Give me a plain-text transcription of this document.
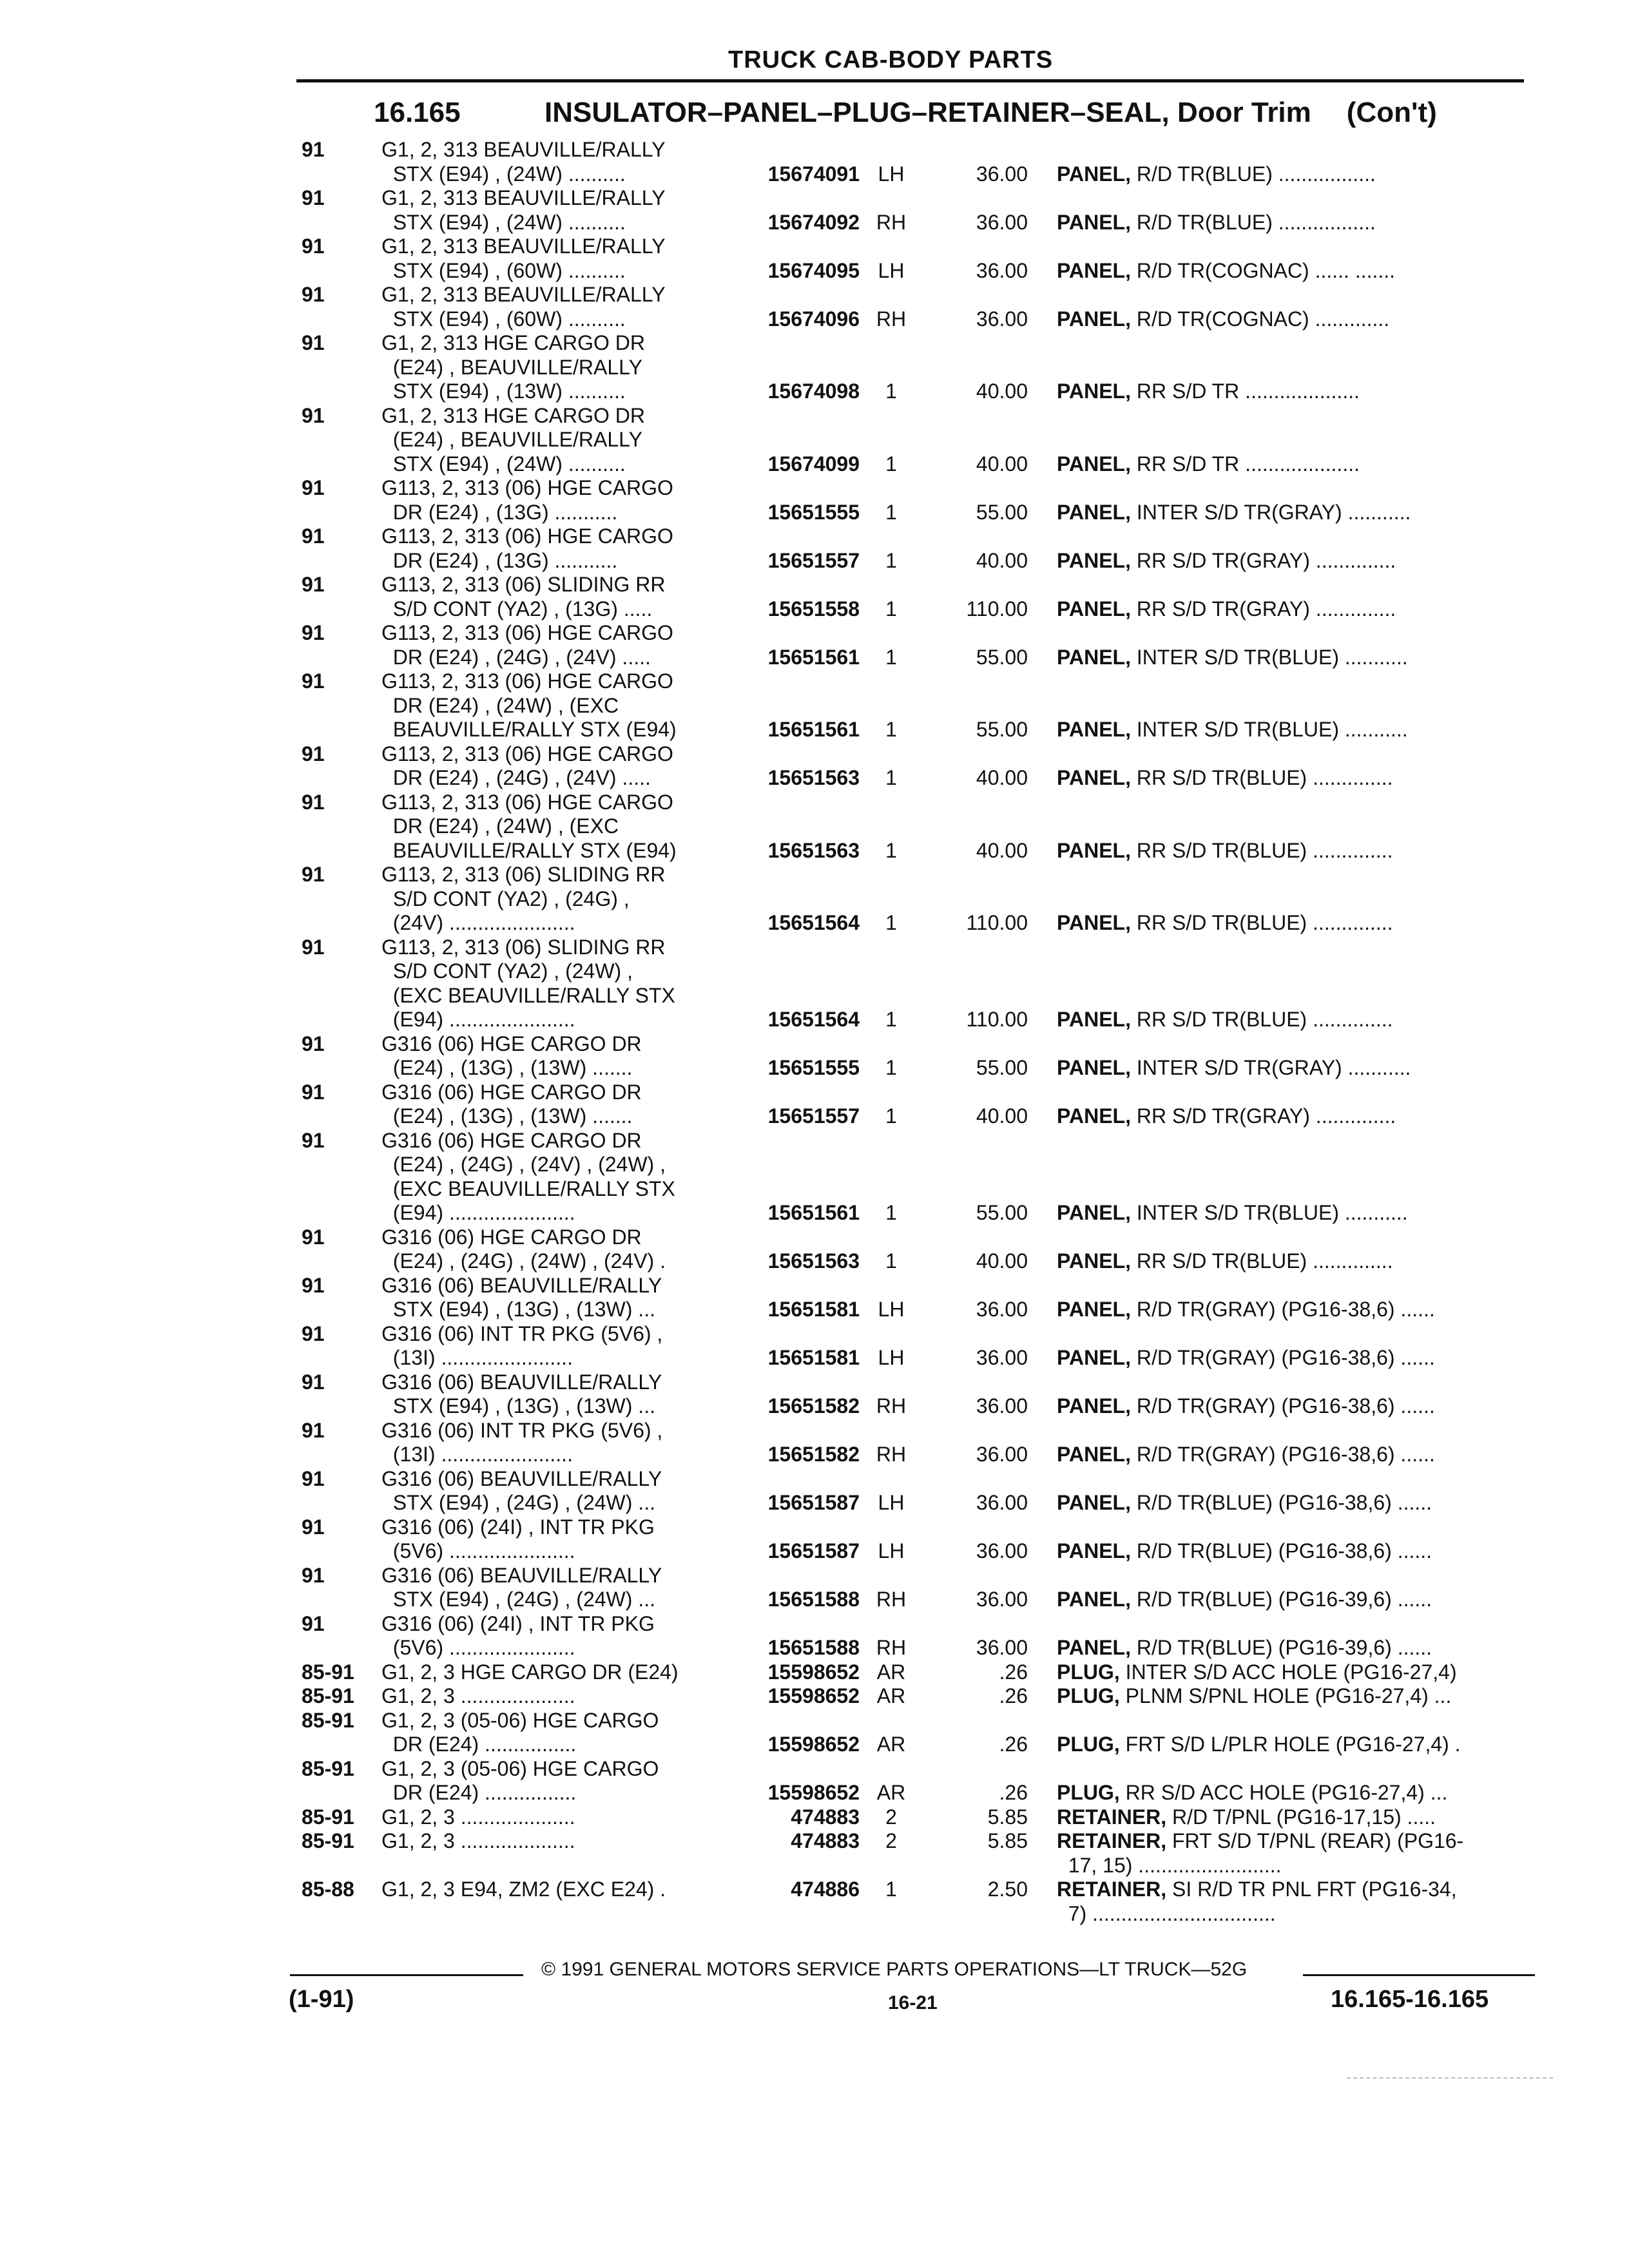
TRUCK CAB-BODY PARTS
16.165	INSULATOR–PANEL–PLUG–RETAINER–SEAL, Door Trim (Con't)
91	G1, 2, 313 BEAUVILLE/RALLY
STX (E94) , (24W) ..........	15674091 LH	36.00 PANEL, R/D TR(BLUE) .................
91	G1, 2, 313 BEAUVILLE/RALLY
STX (E94) , (24W) ..........	15674092 RH	36.00 PANEL, R/D TR(BLUE) .................
91	G1, 2, 313 BEAUVILLE/RALLY
STX (E94) , (60W) ..........	15674095 LH	36.00 PANEL, R/D TR(COGNAC) ...... .......
91	G1, 2, 313 BEAUVILLE/RALLY
STX (E94) , (60W) ..........	15674096 RH	36.00 PANEL, R/D TR(COGNAC) .............
91	G1, 2, 313 HGE CARGO DR
(E24) , BEAUVILLE/RALLY
STX (E94) , (13W) ..........	15674098	1	40.00 PANEL, RR S/D TR ....................
91	G1, 2, 313 HGE CARGO DR
(E24) , BEAUVILLE/RALLY
STX (E94) , (24W) ..........	15674099	1	40.00 PANEL, RR S/D TR ....................
91	G113, 2, 313 (06) HGE CARGO
DR (E24) , (13G) ...........	15651555	1	55.00 PANEL, INTER S/D TR(GRAY) ...........
91	G113, 2, 313 (06) HGE CARGO
DR (E24) , (13G) ...........	15651557	1	40.00 PANEL, RR S/D TR(GRAY) ..............
91	G113, 2, 313 (06) SLIDING RR
S/D CONT (YA2) , (13G) .....	15651558	1	110.00 PANEL, RR S/D TR(GRAY) ..............
91	G113, 2, 313 (06) HGE CARGO
DR (E24) , (24G) , (24V) .....	15651561	1	55.00 PANEL, INTER S/D TR(BLUE) ...........
91	G113, 2, 313 (06) HGE CARGO
DR (E24) , (24W) , (EXC
BEAUVILLE/RALLY STX (E94)	15651561	1	55.00 PANEL, INTER S/D TR(BLUE) ...........
91	G113, 2, 313 (06) HGE CARGO
DR (E24) , (24G) , (24V) .....	15651563	1	40.00 PANEL, RR S/D TR(BLUE) ..............
91	G113, 2, 313 (06) HGE CARGO
DR (E24) , (24W) , (EXC
BEAUVILLE/RALLY STX (E94)	15651563	1	40.00 PANEL, RR S/D TR(BLUE) ..............
91	G113, 2, 313 (06) SLIDING RR
S/D CONT (YA2) , (24G) ,
(24V) ......................	15651564	1	110.00 PANEL, RR S/D TR(BLUE) ..............
91	G113, 2, 313 (06) SLIDING RR
S/D CONT (YA2) , (24W) ,
(EXC BEAUVILLE/RALLY STX
(E94) ......................	15651564	1	110.00 PANEL, RR S/D TR(BLUE) ..............
91	G316 (06) HGE CARGO DR
(E24) , (13G) , (13W) .......	15651555	1	55.00 PANEL, INTER S/D TR(GRAY) ...........
91	G316 (06) HGE CARGO DR
(E24) , (13G) , (13W) .......	15651557	1	40.00 PANEL, RR S/D TR(GRAY) ..............
91	G316 (06) HGE CARGO DR
(E24) , (24G) , (24V) , (24W) ,
(EXC BEAUVILLE/RALLY STX
(E94) ......................	15651561	1	55.00 PANEL, INTER S/D TR(BLUE) ...........
91	G316 (06) HGE CARGO DR
(E24) , (24G) , (24W) , (24V) .	15651563	1	40.00 PANEL, RR S/D TR(BLUE) ..............
91	G316 (06) BEAUVILLE/RALLY
STX (E94) , (13G) , (13W) ...	15651581 LH	36.00 PANEL, R/D TR(GRAY) (PG16-38,6) ......
91	G316 (06) INT TR PKG (5V6) ,
(13I) .......................	15651581 LH	36.00 PANEL, R/D TR(GRAY) (PG16-38,6) ......
91	G316 (06) BEAUVILLE/RALLY
STX (E94) , (13G) , (13W) ...	15651582 RH	36.00 PANEL, R/D TR(GRAY) (PG16-38,6) ......
91	G316 (06) INT TR PKG (5V6) ,
(13I) .......................	15651582 RH	36.00 PANEL, R/D TR(GRAY) (PG16-38,6) ......
91	G316 (06) BEAUVILLE/RALLY
STX (E94) , (24G) , (24W) ...	15651587 LH	36.00 PANEL, R/D TR(BLUE) (PG16-38,6) ......
91	G316 (06) (24I) , INT TR PKG
(5V6) ......................	15651587 LH	36.00 PANEL, R/D TR(BLUE) (PG16-38,6) ......
91	G316 (06) BEAUVILLE/RALLY
STX (E94) , (24G) , (24W) ...	15651588 RH	36.00 PANEL, R/D TR(BLUE) (PG16-39,6) ......
91	G316 (06) (24I) , INT TR PKG
(5V6) ......................	15651588 RH	36.00 PANEL, R/D TR(BLUE) (PG16-39,6) ......
85-91	G1, 2, 3 HGE CARGO DR (E24)	15598652 AR	.26 PLUG, INTER S/D ACC HOLE (PG16-27,4)
85-91	G1, 2, 3 ....................	15598652 AR	.26 PLUG, PLNM S/PNL HOLE (PG16-27,4) ...
85-91	G1, 2, 3 (05-06) HGE CARGO
DR (E24) ................	15598652 AR	.26 PLUG, FRT S/D L/PLR HOLE (PG16-27,4) .
85-91	G1, 2, 3 (05-06) HGE CARGO
DR (E24) ................	15598652 AR	.26 PLUG, RR S/D ACC HOLE (PG16-27,4) ...
85-91	G1, 2, 3 ....................	474883	2	5.85 RETAINER, R/D T/PNL (PG16-17,15) .....
85-91	G1, 2, 3 ....................	474883	2	5.85 RETAINER, FRT S/D T/PNL (REAR) (PG16-
17, 15) .........................
85-88	G1, 2, 3 E94, ZM2 (EXC E24) .	474886	1	2.50 RETAINER, SI R/D TR PNL FRT (PG16-34,
7) ................................
© 1991 GENERAL MOTORS SERVICE PARTS OPERATIONS—LT TRUCK—52G
(1-91)	16-21	16.165-16.165
